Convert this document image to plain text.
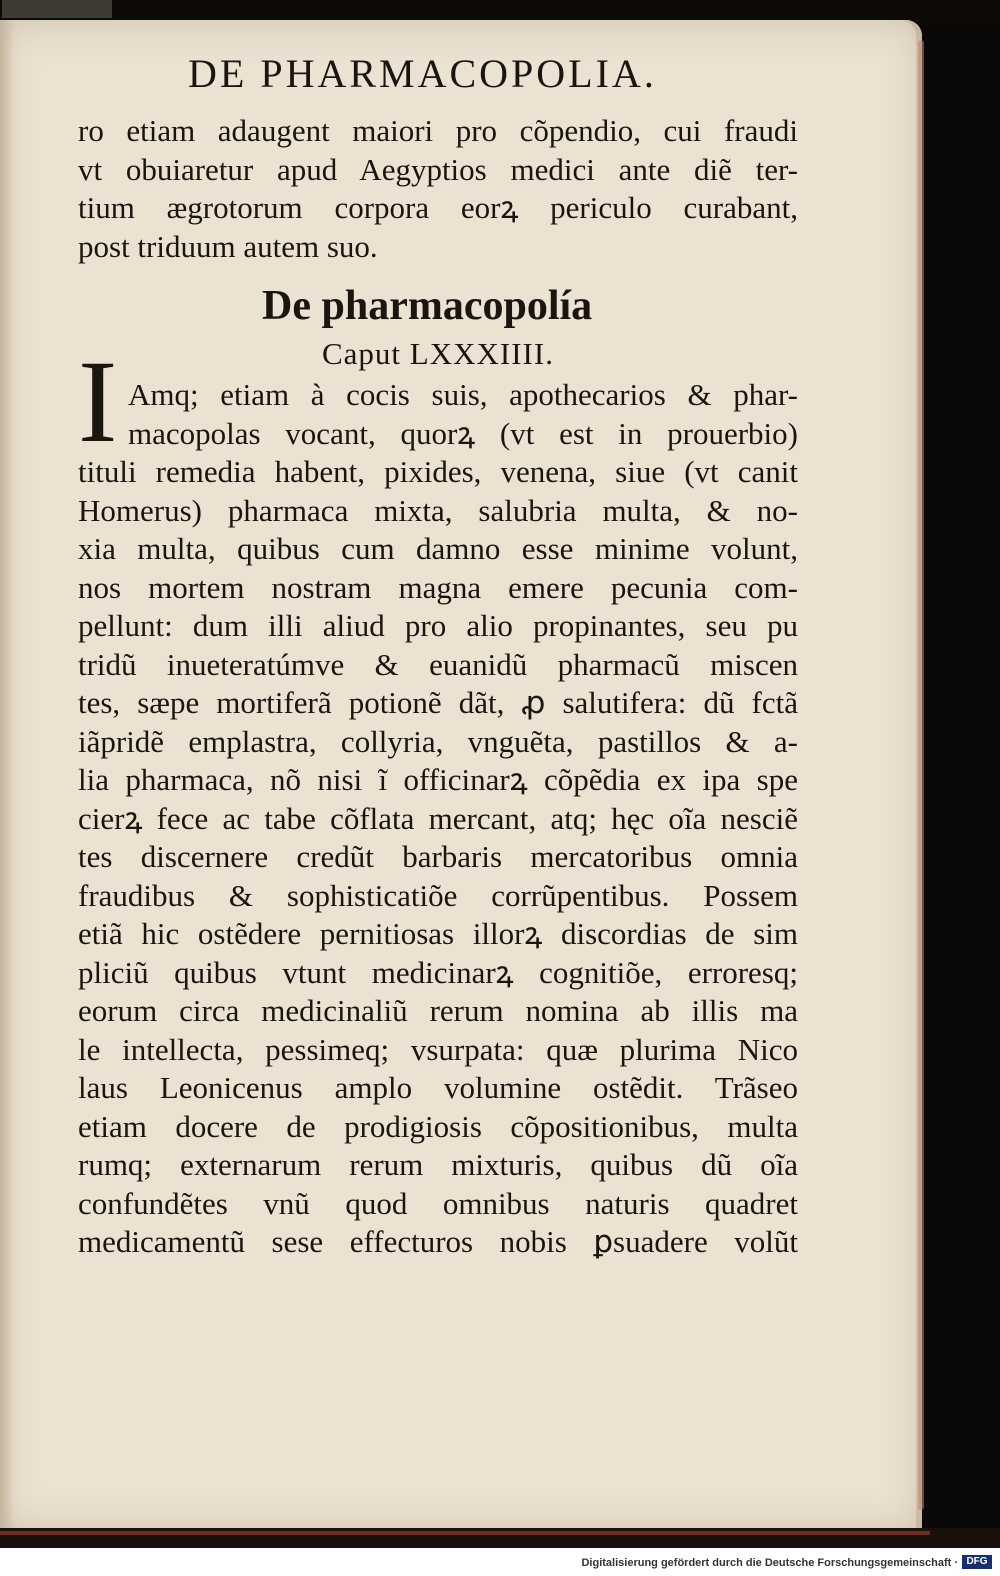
DE PHARMACOPOLIA.
ro etiam adaugent maiori pro cõpendio, cui fraudi
vt obuiaretur apud Aegyptios medici ante diẽ ter-
tium ægrotorum corpora eorꝝ periculo curabant,
post triduum autem suo.
De pharmacopolía
Caput LXXXIIII.
I Amq; etiam à cocis suis, apothecarios & phar-
macopolas vocant, quorꝝ (vt est in prouerbio)
tituli remedia habent, pixides, venena, siue (vt canit
Homerus) pharmaca mixta, salubria multa, & no-
xia multa, quibus cum damno esse minime volunt,
nos mortem nostram magna emere pecunia com-
pellunt: dum illi aliud pro alio propinantes, seu pu
tridũ inueteratúmve & euanidũ pharmacũ miscen
tes, sæpe mortiferã potionẽ dãt, ꝓ salutifera: dũ fctã
iãpridẽ emplastra, collyria, vnguẽta, pastillos & a-
lia pharmaca, nõ nisi ĩ officinarꝝ cõpẽdia ex ipa spe
cierꝝ fece ac tabe cõflata mercant, atq; hęc oĩa nesciẽ
tes discernere credũt barbaris mercatoribus omnia
fraudibus & sophisticatiõe corrũpentibus. Possem
etiã hic ostẽdere pernitiosas illorꝝ discordias de sim
pliciũ quibus vtunt medicinarꝝ cognitiõe, erroresq;
eorum circa medicinaliũ rerum nomina ab illis ma
le intellecta, pessimeq; vsurpata: quæ plurima Nico
laus Leonicenus amplo volumine ostẽdit. Trãseo
etiam docere de prodigiosis cõpositionibus, multa
rumq; externarum rerum mixturis, quibus dũ oĩa
confundẽtes vnũ quod omnibus naturis quadret
medicamentũ sese effecturos nobis ꝑsuadere volũt
Digitalisierung gefördert durch die Deutsche Forschungsgemeinschaft · DFG
